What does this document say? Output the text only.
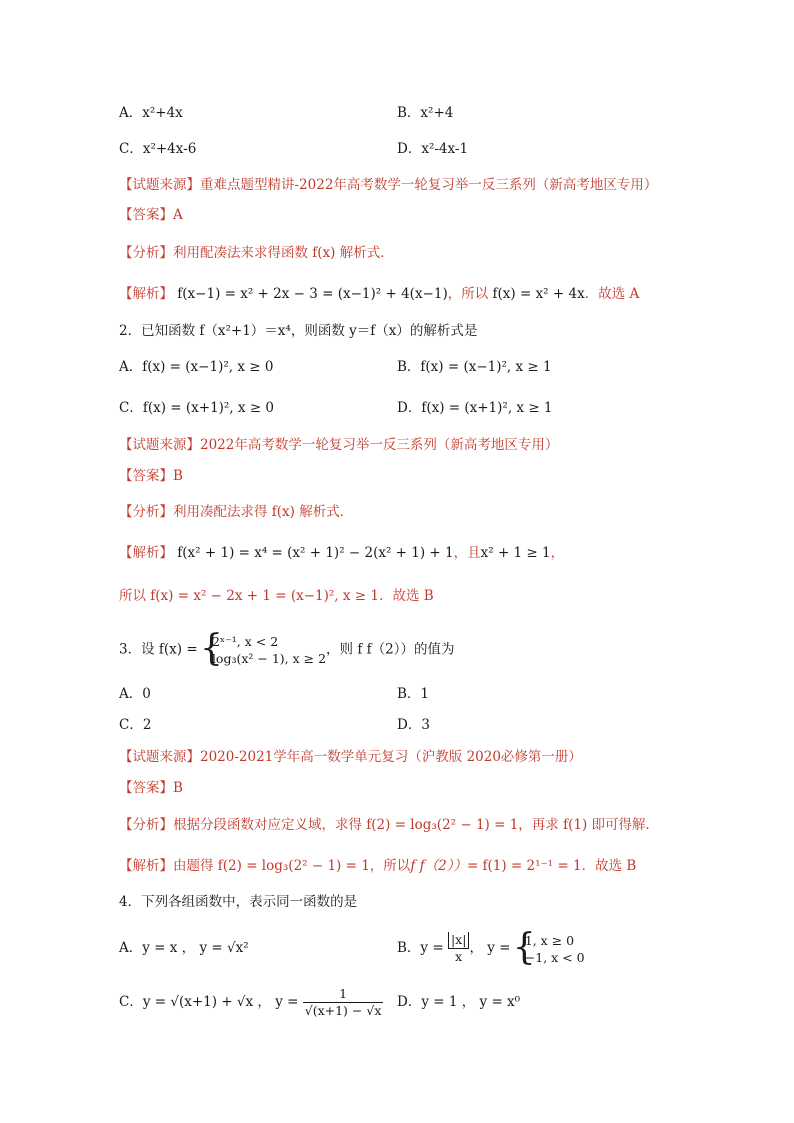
A．x²+4x	B．x²+4
C．x²+4x-6	D．x²-4x-1
【试题来源】重难点题型精讲-2022年高考数学一轮复习举一反三系列（新高考地区专用）
【答案】A
【分析】利用配凑法来求得函数 f(x) 解析式．
【解析】 f(x−1) = x² + 2x − 3 = (x−1)² + 4(x−1)，所以 f(x) = x² + 4x．故选 A
2．已知函数 f（x²+1）＝x⁴，则函数 y＝f（x）的解析式是
A．f(x) = (x−1)², x ≥ 0	B．f(x) = (x−1)², x ≥ 1
C．f(x) = (x+1)², x ≥ 0	D．f(x) = (x+1)², x ≥ 1
【试题来源】2022年高考数学一轮复习举一反三系列（新高考地区专用）
【答案】B
【分析】利用凑配法求得 f(x) 解析式．
【解析】 f(x² + 1) = x⁴ = (x² + 1)² − 2(x² + 1) + 1，且x² + 1 ≥ 1，
所以 f(x) = x² − 2x + 1 = (x−1)², x ≥ 1．故选 B
3．设 f(x) = { 2ˣ⁻¹, x < 2
log₃(x² − 1), x ≥ 2
，则 f f（2））的值为
A．0	B．1
C．2	D．3
【试题来源】2020-2021学年高一数学单元复习（沪教版 2020必修第一册）
【答案】B
【分析】根据分段函数对应定义域，求得 f(2) = log₃(2² − 1) = 1，再求 f(1) 即可得解．
【解析】由题得 f(2) = log₃(2² − 1) = 1，所以f f（2））= f(1) = 2¹⁻¹ = 1．故选 B
4．下列各组函数中，表示同一函数的是
A．y = x ， y = √x²	B．$y = \frac{|x|}{x}$ ， y = { 1, x ≥ 0
−1, x < 0
C．y = √(x+1) + √x ， $y = \frac{1}{√(x+1) - √x}$ D．y = 1 ， y = x⁰
